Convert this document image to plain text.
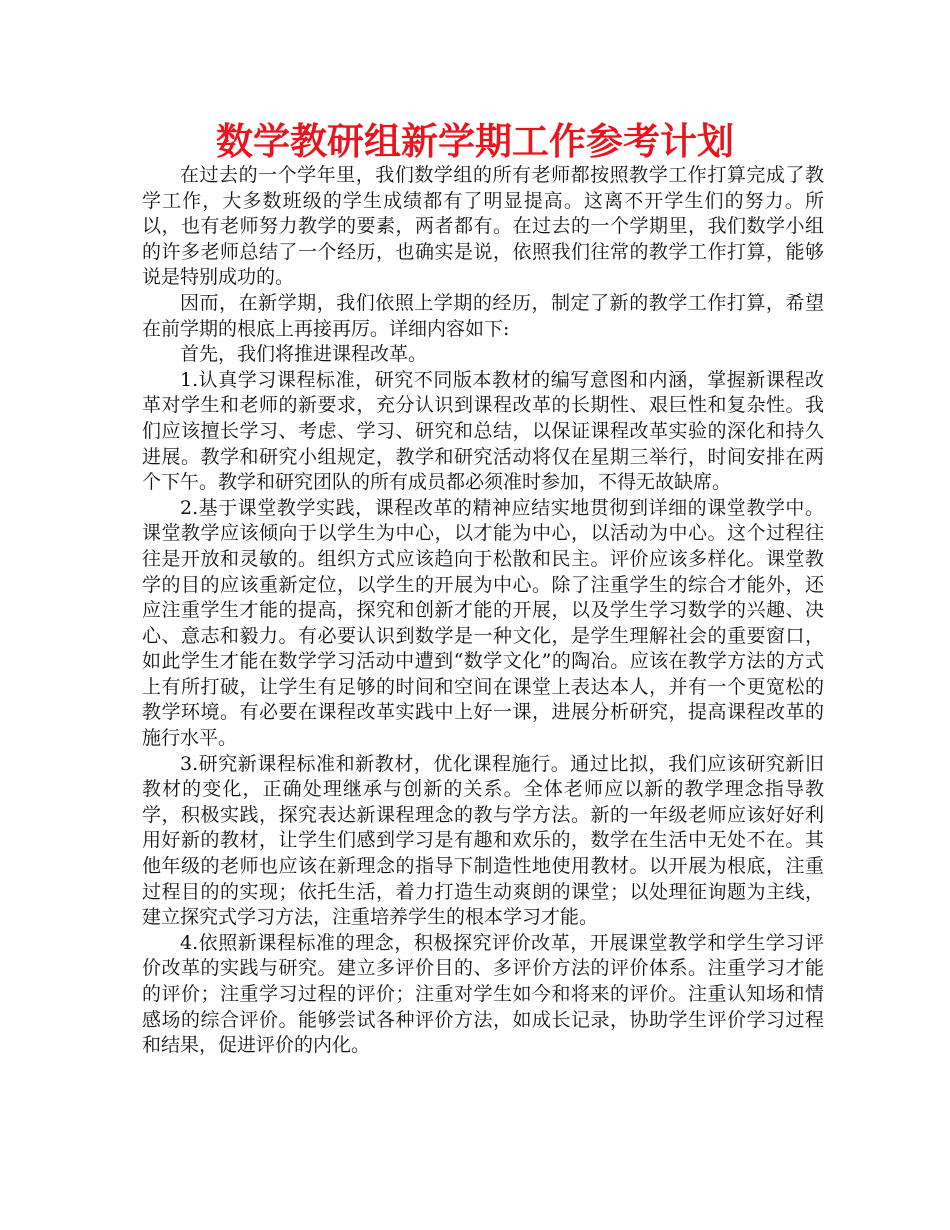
数学教研组新学期工作参考计划

在过去的一个学年里，我们数学组的所有老师都按照教学工作打算完成了教学工作，大多数班级的学生成绩都有了明显提高。这离不开学生们的努力。所以，也有老师努力教学的要素，两者都有。在过去的一个学期里，我们数学小组的许多老师总结了一个经历，也确实是说，依照我们往常的教学工作打算，能够说是特别成功的。

因而，在新学期，我们依照上学期的经历，制定了新的教学工作打算，希望在前学期的根底上再接再厉。详细内容如下:

首先，我们将推进课程改革。

1.认真学习课程标准，研究不同版本教材的编写意图和内涵，掌握新课程改革对学生和老师的新要求，充分认识到课程改革的长期性、艰巨性和复杂性。我们应该擅长学习、考虑、学习、研究和总结，以保证课程改革实验的深化和持久进展。教学和研究小组规定，教学和研究活动将仅在星期三举行，时间安排在两个下午。教学和研究团队的所有成员都必须准时参加，不得无故缺席。

2.基于课堂教学实践，课程改革的精神应结实地贯彻到详细的课堂教学中。课堂教学应该倾向于以学生为中心，以才能为中心，以活动为中心。这个过程往往是开放和灵敏的。组织方式应该趋向于松散和民主。评价应该多样化。课堂教学的目的应该重新定位，以学生的开展为中心。除了注重学生的综合才能外，还应注重学生才能的提高，探究和创新才能的开展，以及学生学习数学的兴趣、决心、意志和毅力。有必要认识到数学是一种文化，是学生理解社会的重要窗口，如此学生才能在数学学习活动中遭到“数学文化”的陶冶。应该在教学方法的方式上有所打破，让学生有足够的时间和空间在课堂上表达本人，并有一个更宽松的教学环境。有必要在课程改革实践中上好一课，进展分析研究，提高课程改革的施行水平。

3.研究新课程标准和新教材，优化课程施行。通过比拟，我们应该研究新旧教材的变化，正确处理继承与创新的关系。全体老师应以新的教学理念指导教学，积极实践，探究表达新课程理念的教与学方法。新的一年级老师应该好好利用好新的教材，让学生们感到学习是有趣和欢乐的，数学在生活中无处不在。其他年级的老师也应该在新理念的指导下制造性地使用教材。以开展为根底，注重过程目的的实现；依托生活，着力打造生动爽朗的课堂；以处理征询题为主线，建立探究式学习方法，注重培养学生的根本学习才能。

4.依照新课程标准的理念，积极探究评价改革，开展课堂教学和学生学习评价改革的实践与研究。建立多评价目的、多评价方法的评价体系。注重学习才能的评价；注重学习过程的评价；注重对学生如今和将来的评价。注重认知场和情感场的综合评价。能够尝试各种评价方法，如成长记录，协助学生评价学习过程和结果，促进评价的内化。
